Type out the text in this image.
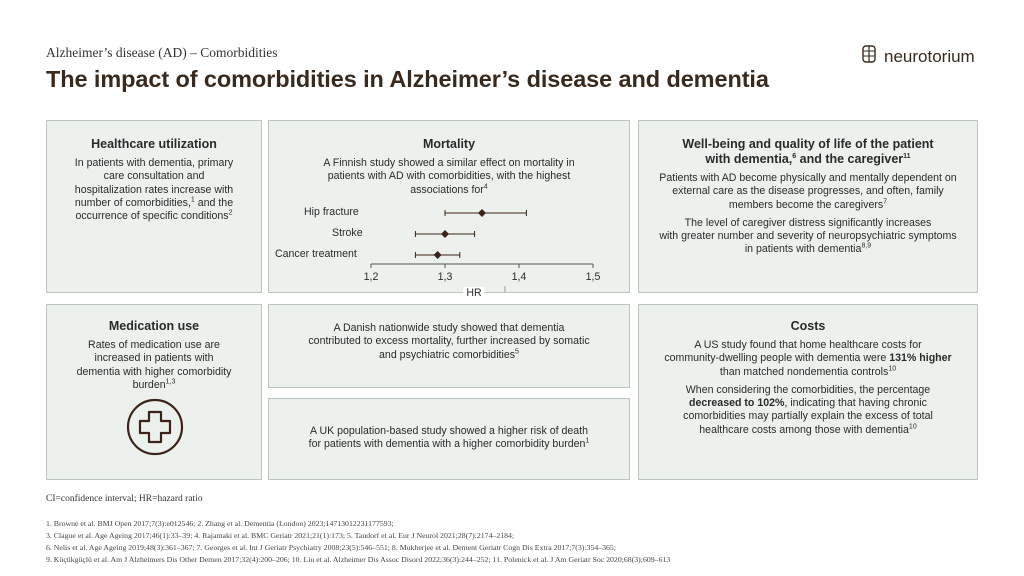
Alzheimer’s disease (AD) – Comorbidities
The impact of comorbidities in Alzheimer’s disease and dementia
neurotorium
Healthcare utilization
In patients with dementia, primary
care consultation and
hospitalization rates increase with
number of comorbidities,$^1$ and the
occurrence of specific conditions$^2$
Mortality
A Finnish study showed a similar effect on mortality in
patients with AD with comorbidities, with the highest
associations for$^4$
Hip fracture
Stroke
Cancer treatment
1,2	1,3	1,4	1,5
HR
Well-being and quality of life of the patient
with dementia,$^6$ and the caregiver$^{11}$
Patients with AD become physically and mentally dependent on
external care as the disease progresses, and often, family
members become the caregivers$^7$
The level of caregiver distress significantly increases
with greater number and severity of neuropsychiatric symptoms
in patients with dementia$^{8,9}$
Medication use
Rates of medication use are
increased in patients with
dementia with higher comorbidity
burden$^{1,3}$
A Danish nationwide study showed that dementia
contributed to excess mortality, further increased by somatic
and psychiatric comorbidities$^5$
A UK population-based study showed a higher risk of death
for patients with dementia with a higher comorbidity burden$^1$
Costs
A US study found that home healthcare costs for
community-dwelling people with dementia were 131% higher
than matched nondementia controls$^{10}$
When considering the comorbidities, the percentage
decreased to 102%, indicating that having chronic
comorbidities may partially explain the excess of total
healthcare costs among those with dementia$^{10}$
CI=confidence interval; HR=hazard ratio
1. Browne et al. BMJ Open 2017;7(3):e012546; 2. Zhang et al. Dementia (London) 2023;14713012231177593;
3. Clague et al. Age Ageing 2017;46(1):33–39; 4. Rajamaki et al. BMC Geriatr 2021;21(1):173; 5. Taudorf et al. Eur J Neurol 2021;28(7):2174–2184;
6. Nelis et al. Age Ageing 2019;48(3):361–367; 7. Georges et al. Int J Geriatr Psychiatry 2008;23(5):546–551; 8. Mukherjee et al. Dement Geriatr Cogn Dis Extra 2017;7(3):354–365;
9. Küçükgüçlü et al. Am J Alzheimers Dis Other Demen 2017;32(4):200–206; 10. Liu et al. Alzheimer Dis Assoc Disord 2022;36(3):244–252; 11. Polenick et al. J Am Geriatr Soc 2020;68(3):609–613
